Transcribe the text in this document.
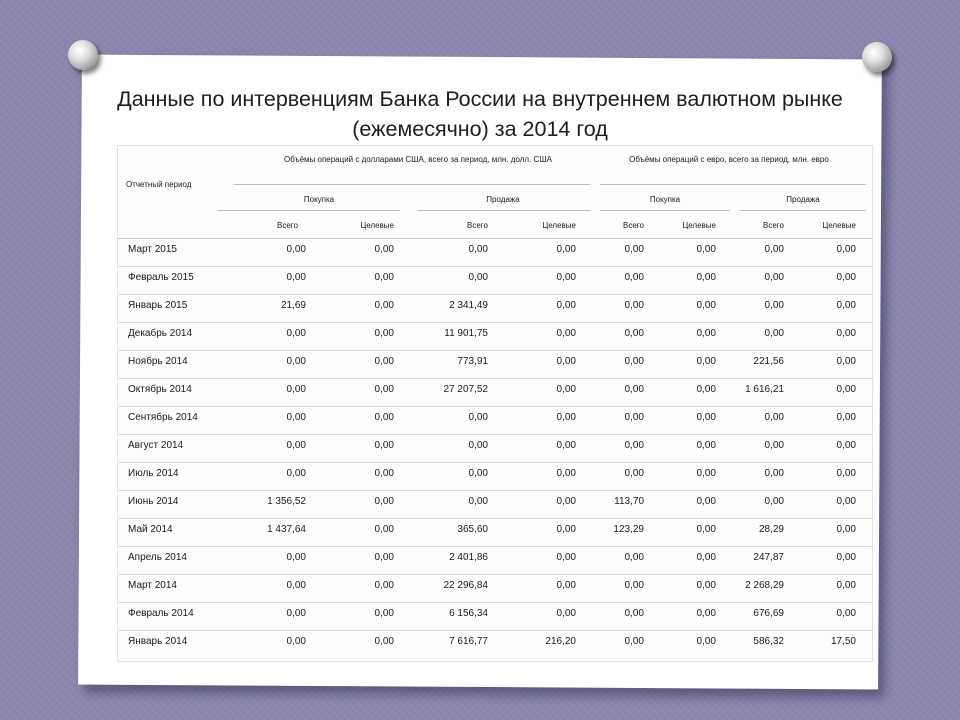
Данные по интервенциям Банка России на внутреннем валютном рынке (ежемесячно) за 2014 год
Отчетный период
Объёмы операций с долларами США, всего за период, млн. долл. США	Объёмы операций с евро, всего за период, млн. евро
Покупка	Продажа	Покупка	Продажа
Всего	Целевые	Всего	Целевые	Всего	Целевые	Всего	Целевые
Март 2015	0,00	0,00	0,00	0,00	0,00	0,00	0,00	0,00
Февраль 2015	0,00	0,00	0,00	0,00	0,00	0,00	0,00	0,00
Январь 2015	21,69	0,00	2 341,49	0,00	0,00	0,00	0,00	0,00
Декабрь 2014	0,00	0,00	11 901,75	0,00	0,00	0,00	0,00	0,00
Ноябрь 2014	0,00	0,00	773,91	0,00	0,00	0,00	221,56	0,00
Октябрь 2014	0,00	0,00	27 207,52	0,00	0,00	0,00	1 616,21	0,00
Сентябрь 2014	0,00	0,00	0,00	0,00	0,00	0,00	0,00	0,00
Август 2014	0,00	0,00	0,00	0,00	0,00	0,00	0,00	0,00
Июль 2014	0,00	0,00	0,00	0,00	0,00	0,00	0,00	0,00
Июнь 2014	1 356,52	0,00	0,00	0,00	113,70	0,00	0,00	0,00
Май 2014	1 437,64	0,00	365,60	0,00	123,29	0,00	28,29	0,00
Апрель 2014	0,00	0,00	2 401,86	0,00	0,00	0,00	247,87	0,00
Март 2014	0,00	0,00	22 296,84	0,00	0,00	0,00	2 268,29	0,00
Февраль 2014	0,00	0,00	6 156,34	0,00	0,00	0,00	676,69	0,00
Январь 2014	0,00	0,00	7 616,77	216,20	0,00	0,00	586,32	17,50
